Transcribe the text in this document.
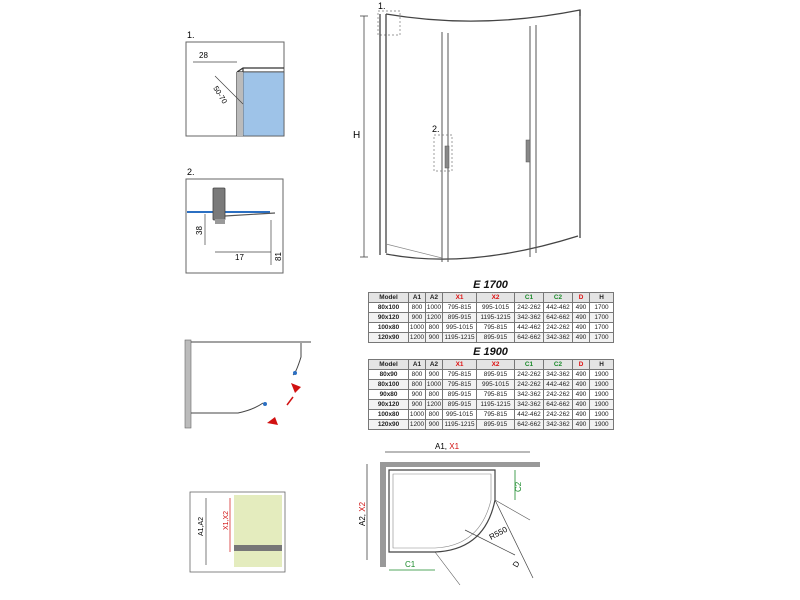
1.
28
50-70
2.
38
17	81
1.
H
2.
E 1700
Model	A1	A2	X1	X2	C1	C2	D	H
80x100	800	1000	795-815	995-1015	242-262	442-462	490	1700
90x120	900	1200	895-915	1195-1215	342-362	642-662	490	1700
100x80	1000	800	995-1015	795-815	442-462	242-262	490	1700
120x90	1200	900	1195-1215	895-915	642-662	342-362	490	1700
E 1900
Model	A1	A2	X1	X2	C1	C2	D	H
80x90	800	900	795-815	895-915	242-262	342-362	490	1900
80x100	800	1000	795-815	995-1015	242-262	442-462	490	1900
90x80	900	800	895-915	795-815	342-362	242-262	490	1900
90x120	900	1200	895-915	1195-1215	342-362	642-662	490	1900
100x80	1000	800	995-1015	795-815	442-462	242-262	490	1900
120x90	1200	900	1195-1215	895-915	642-662	342-362	490	1900
X1,X2
A1,A2
A1, X1
A2, X2
C2
C1
R550
D
